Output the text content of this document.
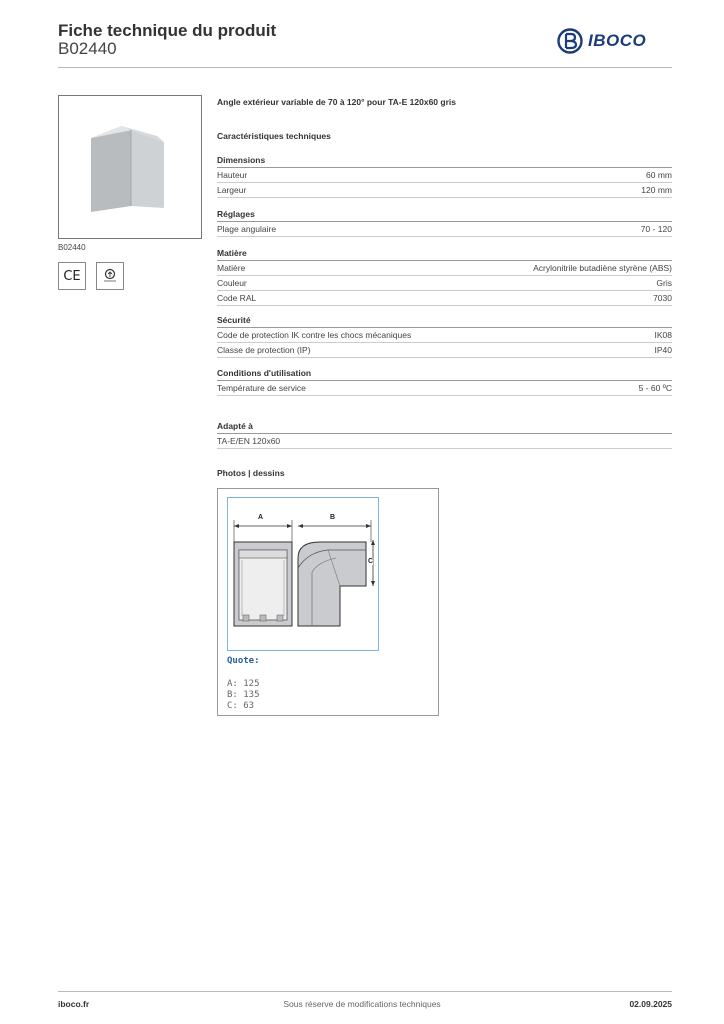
Fiche technique du produit
B02440	IBOCO
B02440
CE
Angle extérieur variable de 70 à 120° pour TA-E 120x60 gris
Caractéristiques techniques
Dimensions
Hauteur	60 mm
Largeur	120 mm
Réglages
Plage angulaire	70 - 120
Matière
Matière	Acrylonitrile butadiène styrène (ABS)
Couleur	Gris
Code RAL	7030
Sécurité
Code de protection IK contre les chocs mécaniques	IK08
Classe de protection (IP)	IP40
Conditions d'utilisation
Température de service	5 - 60 ºC
Adapté à
TA-E/EN 120x60
Photos | dessins
A	B
C
Quote:
A: 125
B: 135
C: 63
iboco.fr	Sous réserve de modifications techniques	02.09.2025
